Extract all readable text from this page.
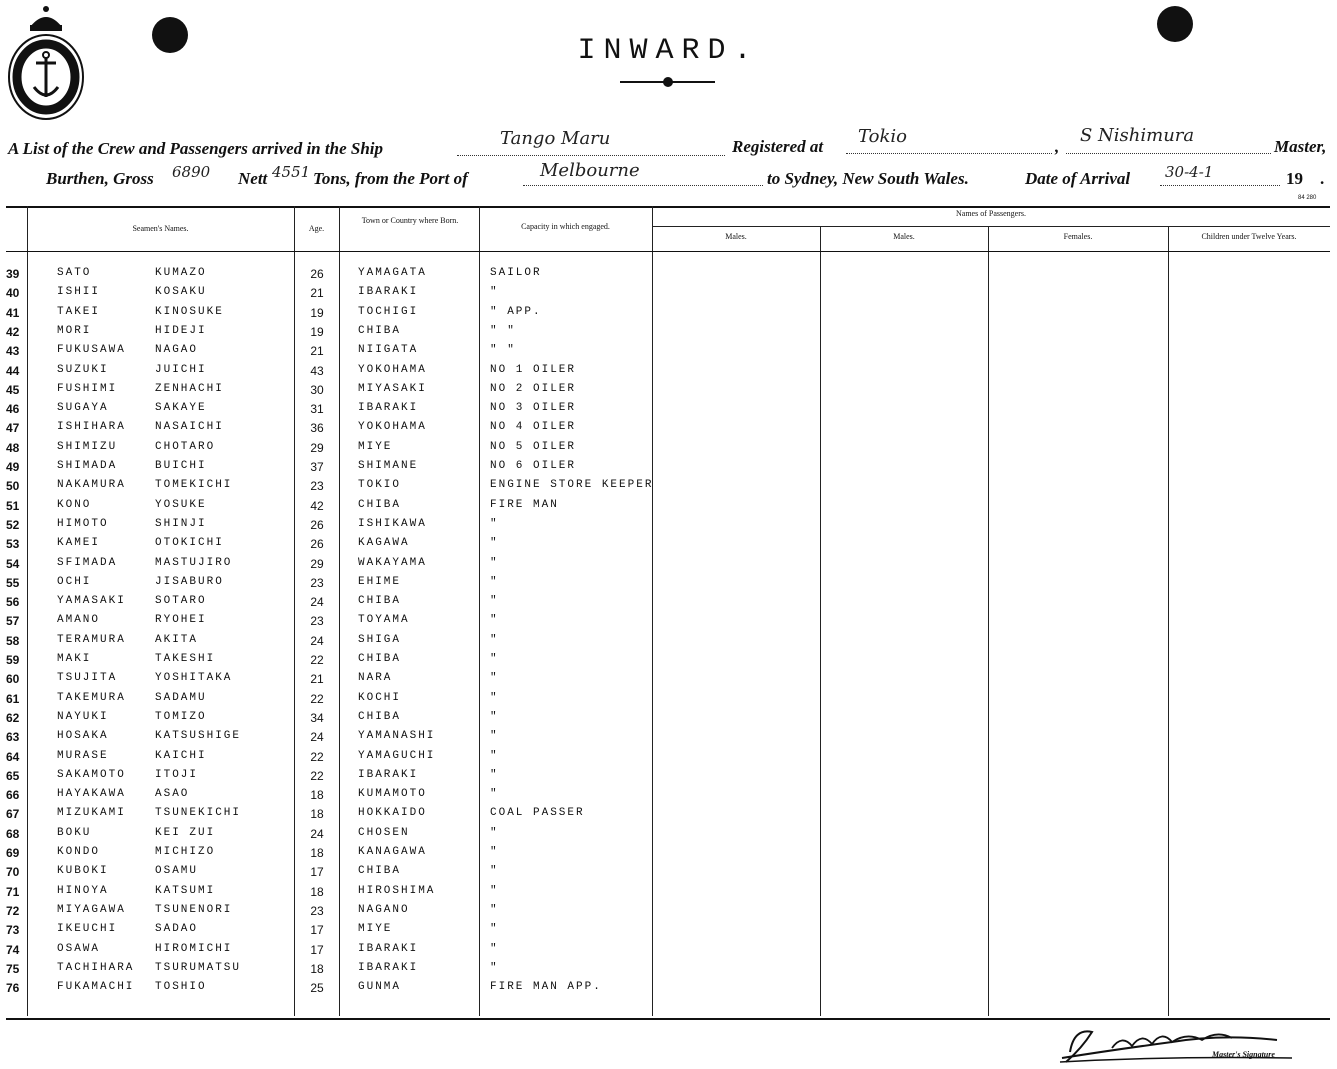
INWARD.
A List of the Crew and Passengers arrived in the Ship	Tango Maru	Registered at Tokio	,
S Nishimura
Master,
Burthen, Gross 6890 Nett 4551 Tons, from the Port of	Melbourne	to Sydney, New South Wales.	Date of Arrival 30-4-1	19 .
84 280
Seamen's Names.	Age.
Town or Country where Born.
Capacity in which engaged.
Names of Passengers.
Males.	Males.	Females.	Children under Twelve Years.
39	SATO	KUMAZO	26	YAMAGATA	SAILOR
40	ISHII	KOSAKU	21	IBARAKI	"
41	TAKEI	KINOSUKE	19	TOCHIGI	" APP.
42	MORI	HIDEJI	19	CHIBA	" "
43	FUKUSAWA	NAGAO	21	NIIGATA	" "
44	SUZUKI	JUICHI	43	YOKOHAMA	NO 1 OILER
45	FUSHIMI	ZENHACHI	30	MIYASAKI	NO 2 OILER
46	SUGAYA	SAKAYE	31	IBARAKI	NO 3 OILER
47	ISHIHARA	NASAICHI	36	YOKOHAMA	NO 4 OILER
48	SHIMIZU	CHOTARO	29	MIYE	NO 5 OILER
49	SHIMADA	BUICHI	37	SHIMANE	NO 6 OILER
50	NAKAMURA	TOMEKICHI	23	TOKIO	ENGINE STORE KEEPER
51	KONO	YOSUKE	42	CHIBA	FIRE MAN
52	HIMOTO	SHINJI	26	ISHIKAWA	"
53	KAMEI	OTOKICHI	26	KAGAWA	"
54	SFIMADA	MASTUJIRO	29	WAKAYAMA	"
55	OCHI	JISABURO	23	EHIME	"
56	YAMASAKI	SOTARO	24	CHIBA	"
57	AMANO	RYOHEI	23	TOYAMA	"
58	TERAMURA	AKITA	24	SHIGA	"
59	MAKI	TAKESHI	22	CHIBA	"
60	TSUJITA	YOSHITAKA	21	NARA	"
61	TAKEMURA	SADAMU	22	KOCHI	"
62	NAYUKI	TOMIZO	34	CHIBA	"
63	HOSAKA	KATSUSHIGE	24	YAMANASHI	"
64	MURASE	KAICHI	22	YAMAGUCHI	"
65	SAKAMOTO	ITOJI	22	IBARAKI	"
66	HAYAKAWA	ASAO	18	KUMAMOTO	"
67	MIZUKAMI	TSUNEKICHI	18	HOKKAIDO	COAL PASSER
68	BOKU	KEI ZUI	24	CHOSEN	"
69	KONDO	MICHIZO	18	KANAGAWA	"
70	KUBOKI	OSAMU	17	CHIBA	"
71	HINOYA	KATSUMI	18	HIROSHIMA	"
72	MIYAGAWA	TSUNENORI	23	NAGANO	"
73	IKEUCHI	SADAO	17	MIYE	"
74	OSAWA	HIROMICHI	17	IBARAKI	"
75	TACHIHARA TSURUMATSU	18	IBARAKI	"
76	FUKAMACHI TOSHIO	25	GUNMA	FIRE MAN APP.
Master's Signature
